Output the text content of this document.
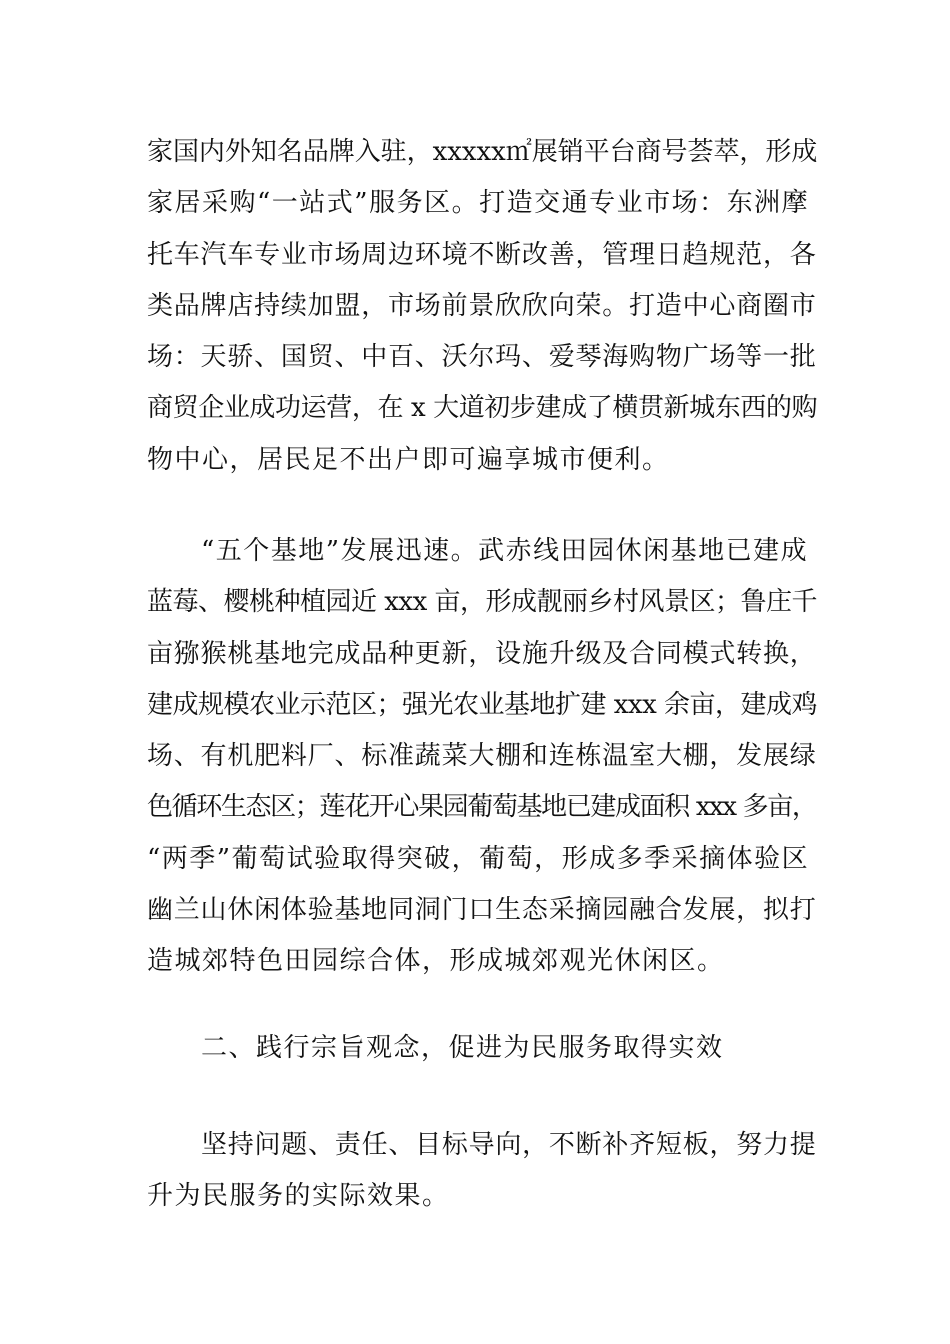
家国内外知名品牌入驻，xxxxx㎡展销平台商号荟萃，形成
家居采购“一站式”服务区。打造交通专业市场：东洲摩
托车汽车专业市场周边环境不断改善，管理日趋规范，各
类品牌店持续加盟，市场前景欣欣向荣。打造中心商圈市
场：天骄、国贸、中百、沃尔玛、爱琴海购物广场等一批
商贸企业成功运营，在 x 大道初步建成了横贯新城东西的购
物中心，居民足不出户即可遍享城市便利。
“五个基地”发展迅速。武赤线田园休闲基地已建成
蓝莓、樱桃种植园近 xxx 亩，形成靓丽乡村风景区；鲁庄千
亩猕猴桃基地完成品种更新，设施升级及合同模式转换，
建成规模农业示范区；强光农业基地扩建 xxx 余亩，建成鸡
场、有机肥料厂、标准蔬菜大棚和连栋温室大棚，发展绿
色循环生态区；莲花开心果园葡萄基地已建成面积 xxx 多亩，
“两季”葡萄试验取得突破，葡萄，形成多季采摘体验区
幽兰山休闲体验基地同洞门口生态采摘园融合发展，拟打
造城郊特色田园综合体，形成城郊观光休闲区。
二、践行宗旨观念，促进为民服务取得实效
坚持问题、责任、目标导向，不断补齐短板，努力提
升为民服务的实际效果。
